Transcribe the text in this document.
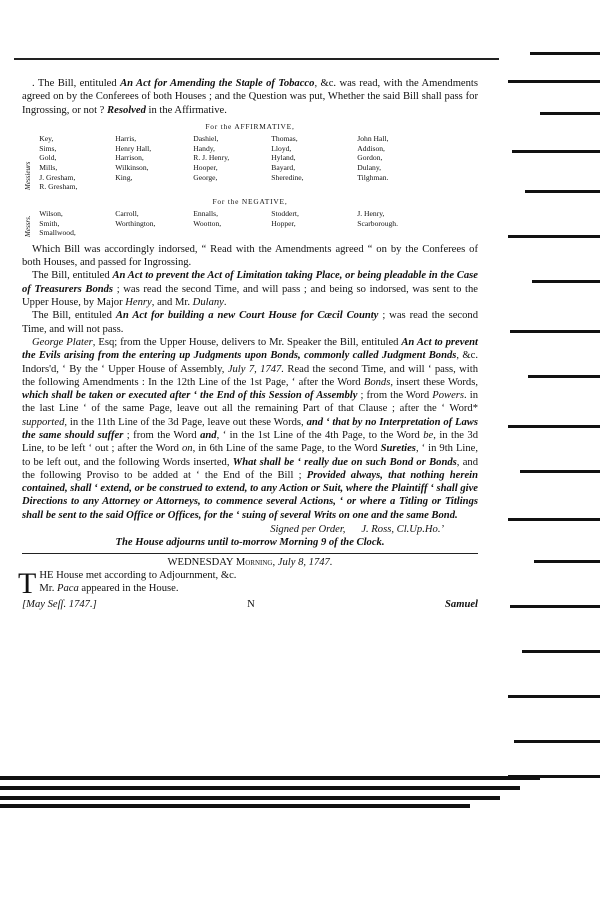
. The Bill, entituled An Act for Amending the Staple of Tobacco, &c. was read, with the Amendments agreed on by the Conferees of both Houses ; and the Question was put, Whether the said Bill shall pass for Ingrossing, or not ? Resolved in the Affirmative.

For the AFFIRMATIVE,
Messieurs
Key,	Harris,	Dashiel,	Thomas,	John Hall,
Sims,	Henry Hall,	Handy,	Lloyd,	Addison,
Gold,	Harrison,	R. J. Henry,	Hyland,	Gordon,
Mills,	Wilkinson,	Hooper,	Bayard,	Dulany,
J. Gresham,	King,	George,	Sheredine,	Tilghman.
R. Gresham,				
For the NEGATIVE,
Messrs.
Wilson,	Carroll,	Ennalls,	Stoddert,	J. Henry,
Smith,	Worthington,	Wootton,	Hopper,	Scarborough.
Smallwood,				

Which Bill was accordingly indorsed, “ Read with the Amendments agreed “ on by the Conferees of both Houses, and passed for Ingrossing.

The Bill, entituled An Act to prevent the Act of Limitation taking Place, or being pleadable in the Case of Treasurers Bonds ; was read the second Time, and will pass ; and being so indorsed, was sent to the Upper House, by Major Henry, and Mr. Dulany.

The Bill, entituled An Act for building a new Court House for Cæcil County ; was read the second Time, and will not pass.

George Plater, Esq; from the Upper House, delivers to Mr. Speaker the Bill, entituled An Act to prevent the Evils arising from the entering up Judgments upon Bonds, commonly called Judgment Bonds, &c. Indors'd, ‘ By the ‘ Upper House of Assembly, July 7, 1747. Read the second Time, and will ‘ pass, with the following Amendments : In the 12th Line of the 1st Page, ‘ after the Word Bonds, insert these Words, which shall be taken or executed after ‘ the End of this Session of Assembly ; from the Word Powers. in the last Line ‘ of the same Page, leave out all the remaining Part of that Clause ; after the ‘ Word* supported, in the 11th Line of the 3d Page, leave out these Words, and ‘ that by no Interpretation of Laws the same should suffer ; from the Word and, ‘ in the 1st Line of the 4th Page, to the Word be, in the 3d Line, to be left ‘ out ; after the Word on, in 6th Line of the same Page, to the Word Sureties, ‘ in 9th Line, to be left out, and the following Words inserted, What shall be ‘ really due on such Bond or Bonds, and the following Proviso to be added at ‘ the End of the Bill ; Provided always, that nothing herein contained, shall ‘ extend, or be construed to extend, to any Action or Suit, where the Plaintiff ‘ shall give Directions to any Attorney or Attorneys, to commence several Actions, ‘ or where a Titling or Titlings shall be sent to the said Office or Offices, for the ‘ suing of several Writs on one and the same Bond.

Signed per Order, J. Ross, Cl.Up.Ho.’
The House adjourns until to-morrow Morning 9 of the Clock.
WEDNESDAY Morning, July 8, 1747.
T HE House met according to Adjournment, &c.
Mr. Paca appeared in the House.
[May Seſſ. 1747.]	N	Samuel
